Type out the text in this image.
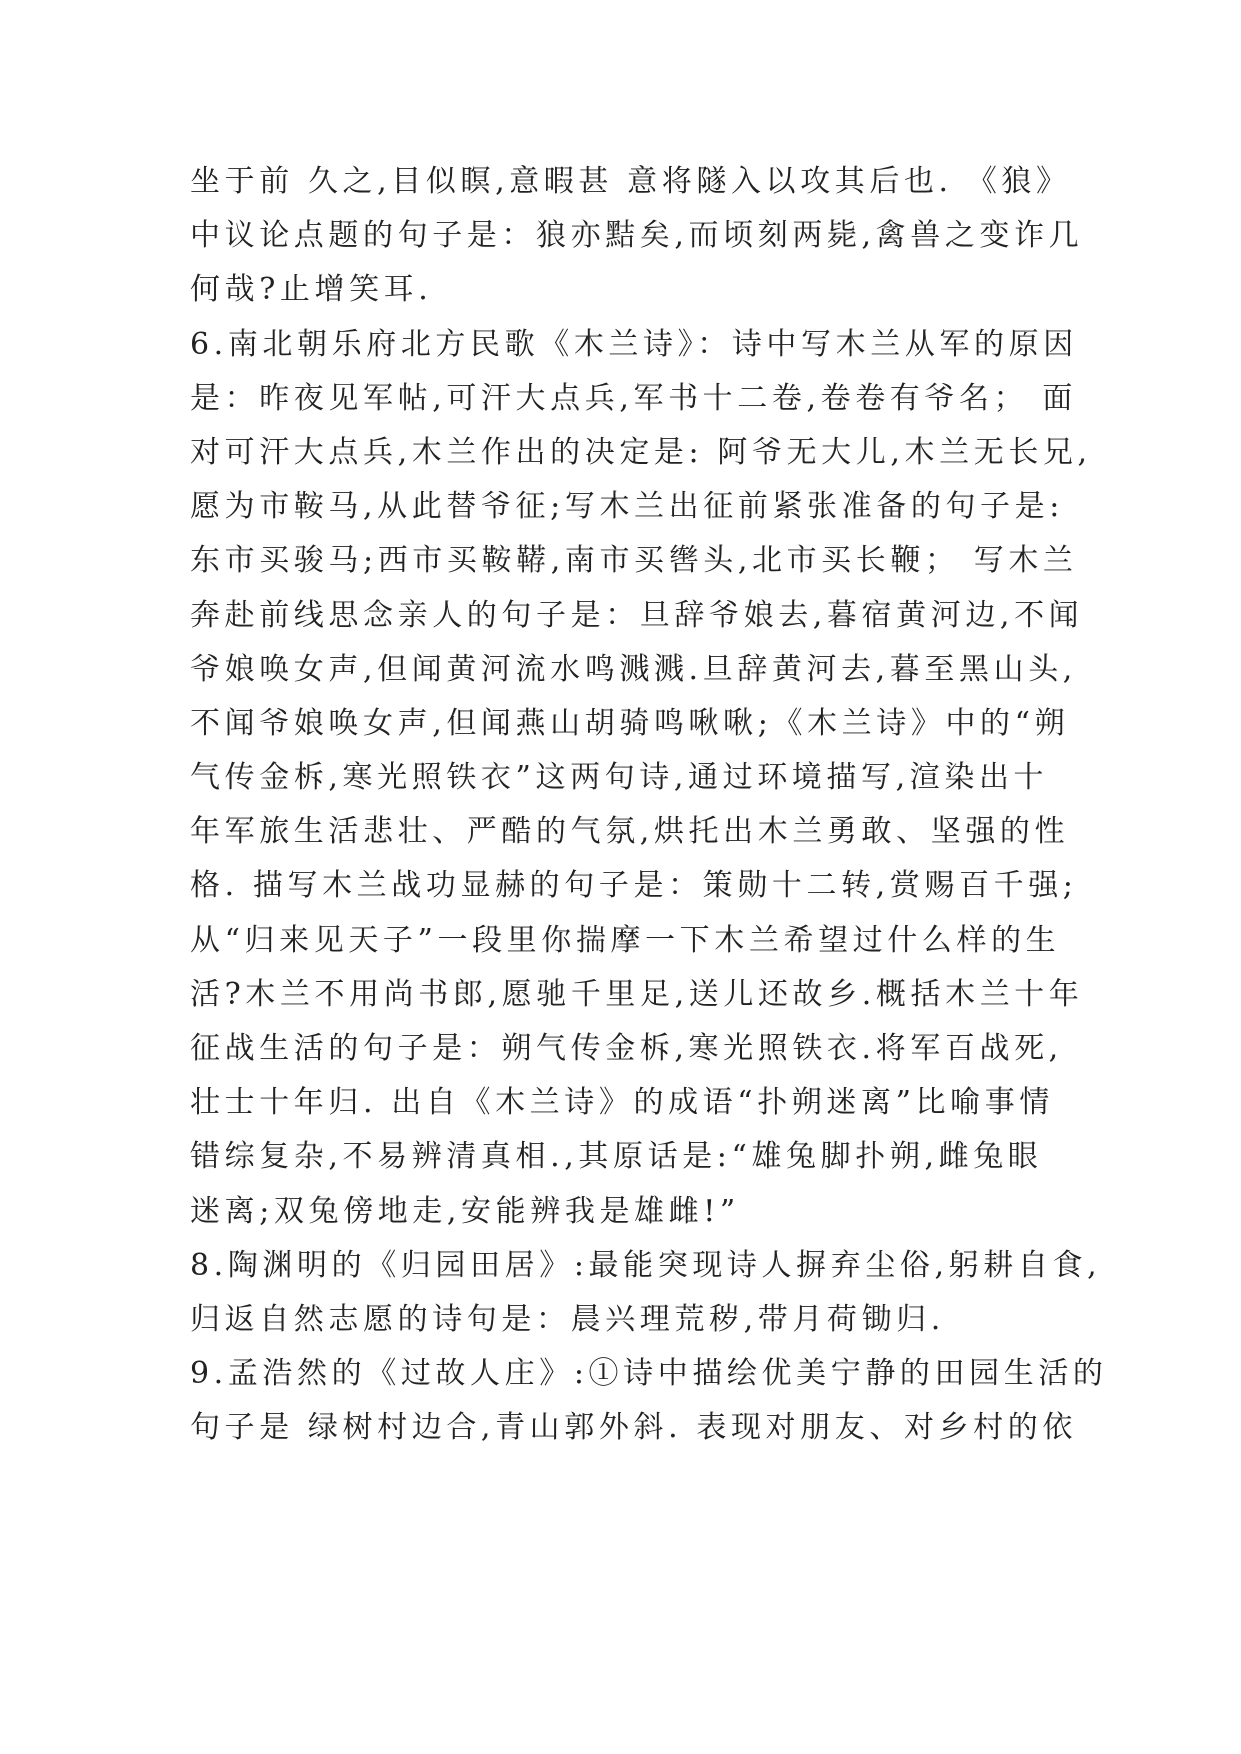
坐于前 久之,目似瞑,意暇甚 意将隧入以攻其后也. 《狼》
中议论点题的句子是：狼亦黠矣,而顷刻两毙,禽兽之变诈几
何哉?止增笑耳.
6.南北朝乐府北方民歌《木兰诗》：诗中写木兰从军的原因
是：昨夜见军帖,可汗大点兵,军书十二卷,卷卷有爷名； 面
对可汗大点兵,木兰作出的决定是: 阿爷无大儿,木兰无长兄,
愿为市鞍马,从此替爷征;写木兰出征前紧张准备的句子是:
东市买骏马;西市买鞍鞯,南市买辔头,北市买长鞭； 写木兰
奔赴前线思念亲人的句子是：旦辞爷娘去,暮宿黄河边,不闻
爷娘唤女声,但闻黄河流水鸣溅溅.旦辞黄河去,暮至黑山头,
不闻爷娘唤女声,但闻燕山胡骑鸣啾啾;《木兰诗》中的“朔
气传金柝,寒光照铁衣”这两句诗,通过环境描写,渲染出十
年军旅生活悲壮、严酷的气氛,烘托出木兰勇敢、坚强的性
格. 描写木兰战功显赫的句子是：策勋十二转,赏赐百千强;
从“归来见天子”一段里你揣摩一下木兰希望过什么样的生
活?木兰不用尚书郎,愿驰千里足,送儿还故乡.概括木兰十年
征战生活的句子是：朔气传金柝,寒光照铁衣.将军百战死,
壮士十年归. 出自《木兰诗》的成语“扑朔迷离”比喻事情
错综复杂,不易辨清真相.,其原话是:“雄兔脚扑朔,雌兔眼
迷离;双兔傍地走,安能辨我是雄雌!”
8.陶渊明的《归园田居》:最能突现诗人摒弃尘俗,躬耕自食,
归返自然志愿的诗句是：晨兴理荒秽,带月荷锄归.
9.孟浩然的《过故人庄》:①诗中描绘优美宁静的田园生活的
句子是 绿树村边合,青山郭外斜. 表现对朋友、对乡村的依
